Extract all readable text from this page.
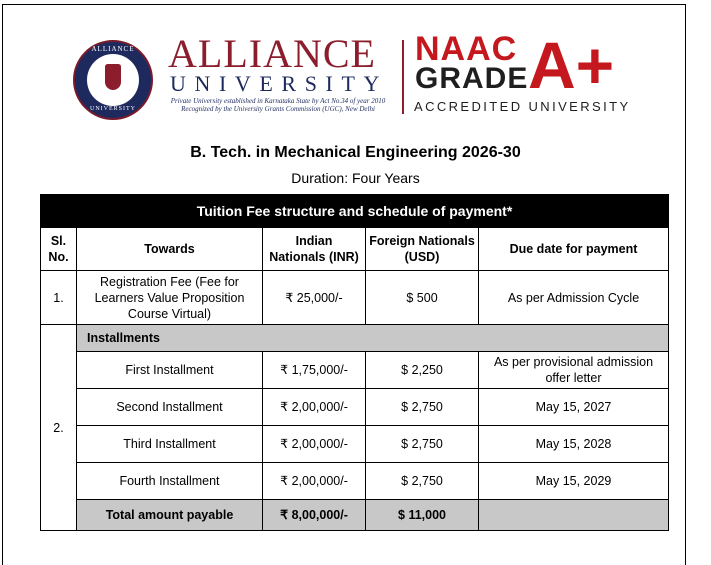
ALLIANCE
UNIVERSITY
ALLIANCE
UNIVERSITY
Private University established in Karnataka State by Act No.34 of year 2010
Recognized by the University Grants Commission (UGC), New Delhi
NAAC
GRADE A+
ACCREDITED UNIVERSITY
B. Tech. in Mechanical Engineering 2026-30
Duration: Four Years
Tuition Fee structure and schedule of payment*				
Sl. No.	Towards	Indian Nationals (INR)	Foreign Nationals (USD)	Due date for payment
1.	Registration Fee (Fee for Learners Value Proposition Course Virtual)	₹ 25,000/-	$ 500	As per Admission Cycle
2.	Installments			
	First Installment	₹ 1,75,000/-	$ 2,250	As per provisional admission offer letter
	Second Installment	₹ 2,00,000/-	$ 2,750	May 15, 2027
	Third Installment	₹ 2,00,000/-	$ 2,750	May 15, 2028
	Fourth Installment	₹ 2,00,000/-	$ 2,750	May 15, 2029
	Total amount payable	₹ 8,00,000/-	$ 11,000	
